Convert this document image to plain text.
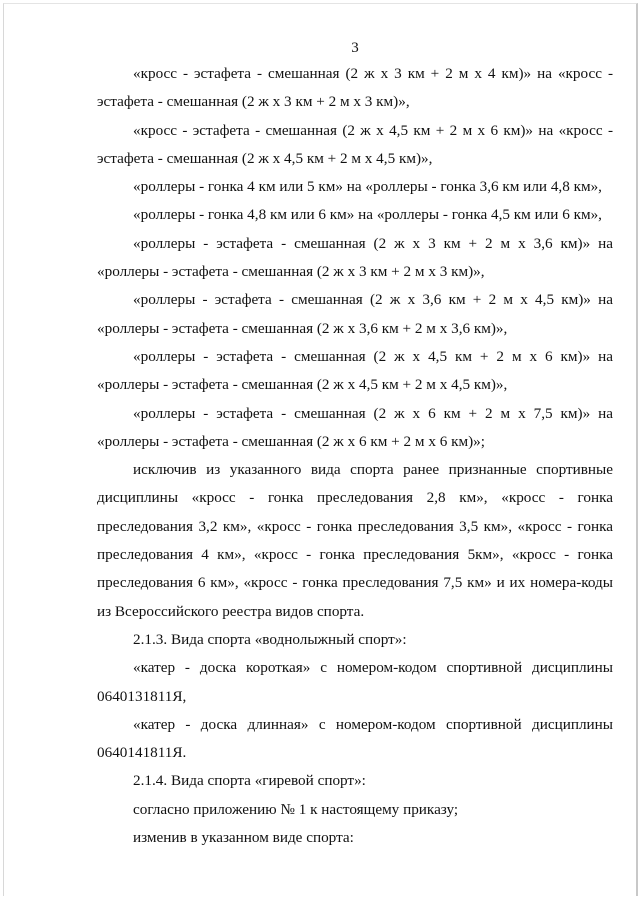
3
«кросс - эстафета - смешанная (2 ж х 3 км + 2 м х 4 км)» на «кросс -
эстафета - смешанная (2 ж х 3 км + 2 м х 3 км)»,
«кросс - эстафета - смешанная (2 ж х 4,5 км + 2 м х 6 км)» на «кросс -
эстафета - смешанная (2 ж х 4,5 км + 2 м х 4,5 км)»,
«роллеры - гонка 4 км или 5 км» на «роллеры - гонка 3,6 км или 4,8 км»,
«роллеры - гонка 4,8 км или 6 км» на «роллеры - гонка 4,5 км или 6 км»,
«роллеры - эстафета - смешанная (2 ж х 3 км + 2 м х 3,6 км)» на
«роллеры - эстафета - смешанная (2 ж х 3 км + 2 м х 3 км)»,
«роллеры - эстафета - смешанная (2 ж х 3,6 км + 2 м х 4,5 км)» на
«роллеры - эстафета - смешанная (2 ж х 3,6 км + 2 м х 3,6 км)»,
«роллеры - эстафета - смешанная (2 ж х 4,5 км + 2 м х 6 км)» на
«роллеры - эстафета - смешанная (2 ж х 4,5 км + 2 м х 4,5 км)»,
«роллеры - эстафета - смешанная (2 ж х 6 км + 2 м х 7,5 км)» на
«роллеры - эстафета - смешанная (2 ж х 6 км + 2 м х 6 км)»;
исключив из указанного вида спорта ранее признанные спортивные
дисциплины «кросс - гонка преследования 2,8 км», «кросс - гонка
преследования 3,2 км», «кросс - гонка преследования 3,5 км», «кросс - гонка
преследования 4 км», «кросс - гонка преследования 5км», «кросс - гонка
преследования 6 км», «кросс - гонка преследования 7,5 км» и их номера-коды
из Всероссийского реестра видов спорта.
2.1.3. Вида спорта «воднолыжный спорт»:
«катер - доска короткая» с номером-кодом спортивной дисциплины
0640131811Я,
«катер - доска длинная» с номером-кодом спортивной дисциплины
0640141811Я.
2.1.4. Вида спорта «гиревой спорт»:
согласно приложению № 1 к настоящему приказу;
изменив в указанном виде спорта:
